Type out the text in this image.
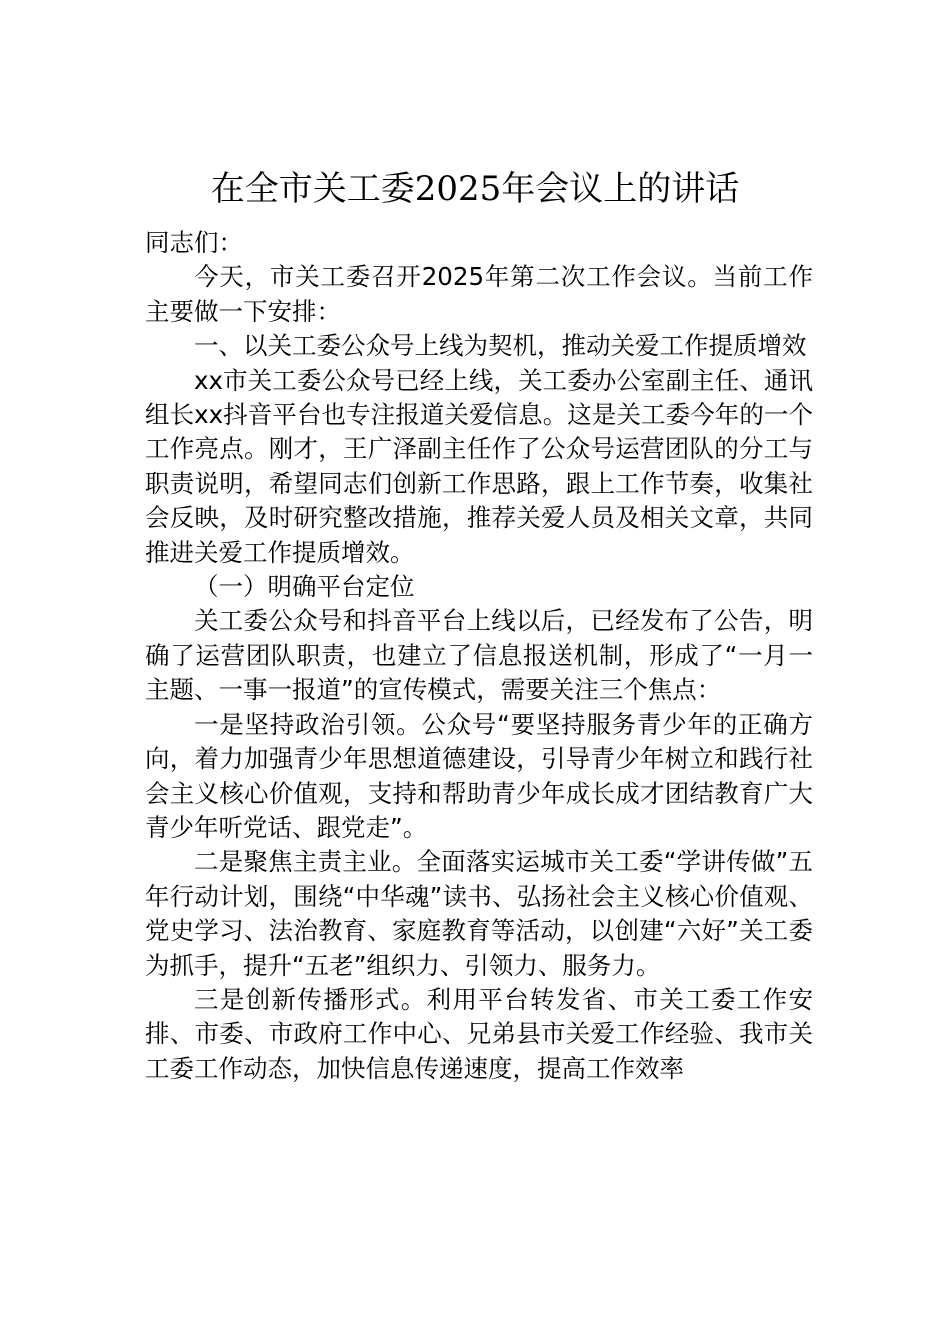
在全市关工委2025年会议上的讲话

同志们：

今天，市关工委召开2025年第二次工作会议。当前工作主要做一下安排：

一、以关工委公众号上线为契机，推动关爱工作提质增效

xx市关工委公众号已经上线，关工委办公室副主任、通讯组长xx抖音平台也专注报道关爱信息。这是关工委今年的一个工作亮点。刚才，王广泽副主任作了公众号运营团队的分工与职责说明，希望同志们创新工作思路，跟上工作节奏，收集社会反映，及时研究整改措施，推荐关爱人员及相关文章，共同推进关爱工作提质增效。

（一）明确平台定位

关工委公众号和抖音平台上线以后，已经发布了公告，明确了运营团队职责，也建立了信息报送机制，形成了“一月一主题、一事一报道”的宣传模式，需要关注三个焦点：

一是坚持政治引领。公众号“要坚持服务青少年的正确方向，着力加强青少年思想道德建设，引导青少年树立和践行社会主义核心价值观，支持和帮助青少年成长成才团结教育广大青少年听党话、跟党走”。

二是聚焦主责主业。全面落实运城市关工委“学讲传做”五年行动计划，围绕“中华魂”读书、弘扬社会主义核心价值观、党史学习、法治教育、家庭教育等活动，以创建“六好”关工委为抓手，提升“五老”组织力、引领力、服务力。

三是创新传播形式。利用平台转发省、市关工委工作安排、市委、市政府工作中心、兄弟县市关爱工作经验、我市关工委工作动态，加快信息传递速度，提高工作效率
